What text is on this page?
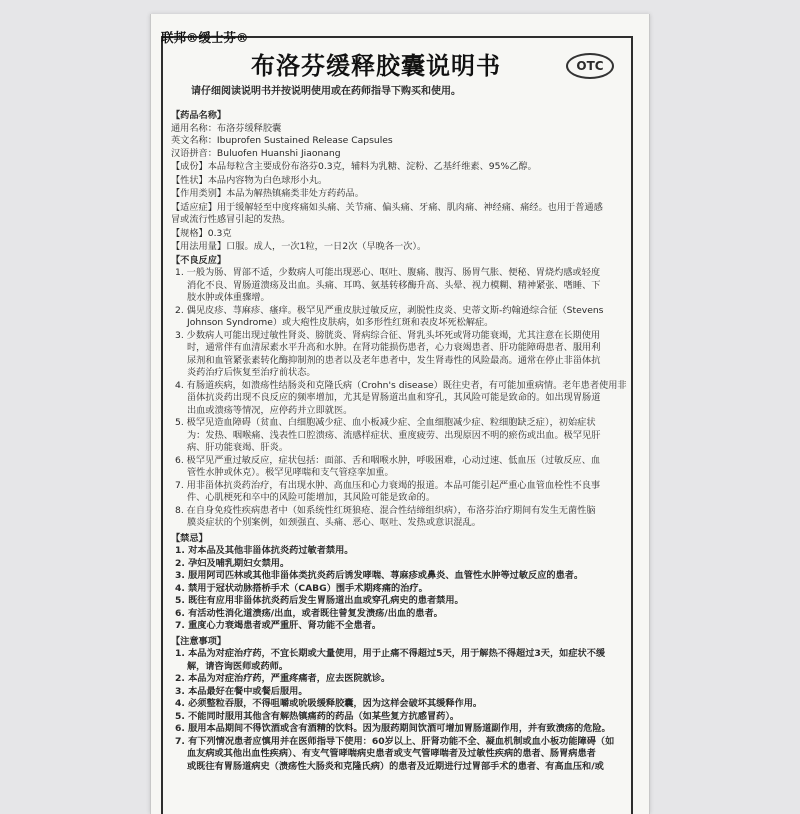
联邦®缓士芬®
布洛芬缓释胶囊说明书	OTC
请仔细阅读说明书并按说明使用或在药师指导下购买和使用。
【药品名称】
通用名称：布洛芬缓释胶囊
英文名称：Ibuprofen Sustained Release Capsules
汉语拼音：Buluofen Huanshi Jiaonang
【成份】本品每粒含主要成份布洛芬0.3克，辅料为乳糖、淀粉、乙基纤维素、95%乙醇。
【性状】本品内容物为白色球形小丸。
【作用类别】本品为解热镇痛类非处方药药品。
【适应症】用于缓解轻至中度疼痛如头痛、关节痛、偏头痛、牙痛、肌肉痛、神经痛、痛经。也用于普通感
冒或流行性感冒引起的发热。
【规格】0.3克
【用法用量】口服。成人，一次1粒，一日2次（早晚各一次）。
【不良反应】
1. 一般为肠、胃部不适，少数病人可能出现恶心、呕吐、腹痛、腹泻、肠胃气胀、便秘、胃烧灼感或轻度
消化不良、胃肠道溃疡及出血。头痛、耳鸣、氨基转移酶升高、头晕、视力模糊、精神紧张、嗜睡、下
肢水肿或体重骤增。
2. 偶见皮疹、荨麻疹、瘙痒。极罕见严重皮肤过敏反应，剥脱性皮炎、史蒂文斯-约翰逊综合征（Stevens
Johnson Syndrome）或大疱性皮肤病，如多形性红斑和表皮坏死松解症。
3. 少数病人可能出现过敏性肾炎、膀胱炎、肾病综合征、肾乳头坏死或肾功能衰竭，尤其注意在长期使用
时，通常伴有血清尿素水平升高和水肿。在肾功能损伤患者，心力衰竭患者、肝功能障碍患者、服用利
尿剂和血管紧张素转化酶抑制剂的患者以及老年患者中，发生肾毒性的风险最高。通常在停止非甾体抗
炎药治疗后恢复至治疗前状态。
4. 有肠道疾病，如溃疡性结肠炎和克隆氏病（Crohn's disease）既往史者，有可能加重病情。老年患者使用非
甾体抗炎药出现不良反应的频率增加，尤其是胃肠道出血和穿孔，其风险可能是致命的。如出现胃肠道
出血或溃疡等情况，应停药并立即就医。
5. 极罕见造血障碍（贫血、白细胞减少症、血小板减少症、全血细胞减少症、粒细胞缺乏症），初始症状
为：发热、咽喉痛、浅表性口腔溃疡、流感样症状、重度疲劳、出现原因不明的瘀伤或出血。极罕见肝
病、肝功能衰竭、肝炎。
6. 极罕见严重过敏反应，症状包括：面部、舌和咽喉水肿，呼吸困难，心动过速、低血压（过敏反应、血
管性水肿或休克）。极罕见哮喘和支气管痉挛加重。
7. 用非甾体抗炎药治疗，有出现水肿、高血压和心力衰竭的报道。本品可能引起严重心血管血栓性不良事
件、心肌梗死和卒中的风险可能增加，其风险可能是致命的。
8. 在自身免疫性疾病患者中（如系统性红斑狼疮、混合性结缔组织病），布洛芬治疗期间有发生无菌性脑
膜炎症状的个别案例，如颈强直、头痛、恶心、呕吐、发热或意识混乱。
【禁忌】
1. 对本品及其他非甾体抗炎药过敏者禁用。
2. 孕妇及哺乳期妇女禁用。
3. 服用阿司匹林或其他非甾体类抗炎药后诱发哮喘、荨麻疹或鼻炎、血管性水肿等过敏反应的患者。
4. 禁用于冠状动脉搭桥手术（CABG）围手术期疼痛的治疗。
5. 既往有应用非甾体抗炎药后发生胃肠道出血或穿孔病史的患者禁用。
6. 有活动性消化道溃疡/出血，或者既往曾复发溃疡/出血的患者。
7. 重度心力衰竭患者或严重肝、肾功能不全患者。
【注意事项】
1. 本品为对症治疗药，不宜长期或大量使用，用于止痛不得超过5天，用于解热不得超过3天，如症状不缓
解，请咨询医师或药师。
2. 本品为对症治疗药，严重疼痛者，应去医院就诊。
3. 本品最好在餐中或餐后服用。
4. 必须整粒吞服，不得咀嚼或吮吸缓释胶囊，因为这样会破坏其缓释作用。
5. 不能同时服用其他含有解热镇痛药的药品（如某些复方抗感冒药）。
6. 服用本品期间不得饮酒或含有酒精的饮料。因为服药期间饮酒可增加胃肠道副作用，并有致溃疡的危险。
7. 有下列情况患者应慎用并在医师指导下使用：60岁以上、肝肾功能不全、凝血机制或血小板功能障碍（如
血友病或其他出血性疾病）、有支气管哮喘病史患者或支气管哮喘者及过敏性疾病的患者、肠胃病患者
或既往有胃肠道病史（溃疡性大肠炎和克隆氏病）的患者及近期进行过胃部手术的患者、有高血压和/或
